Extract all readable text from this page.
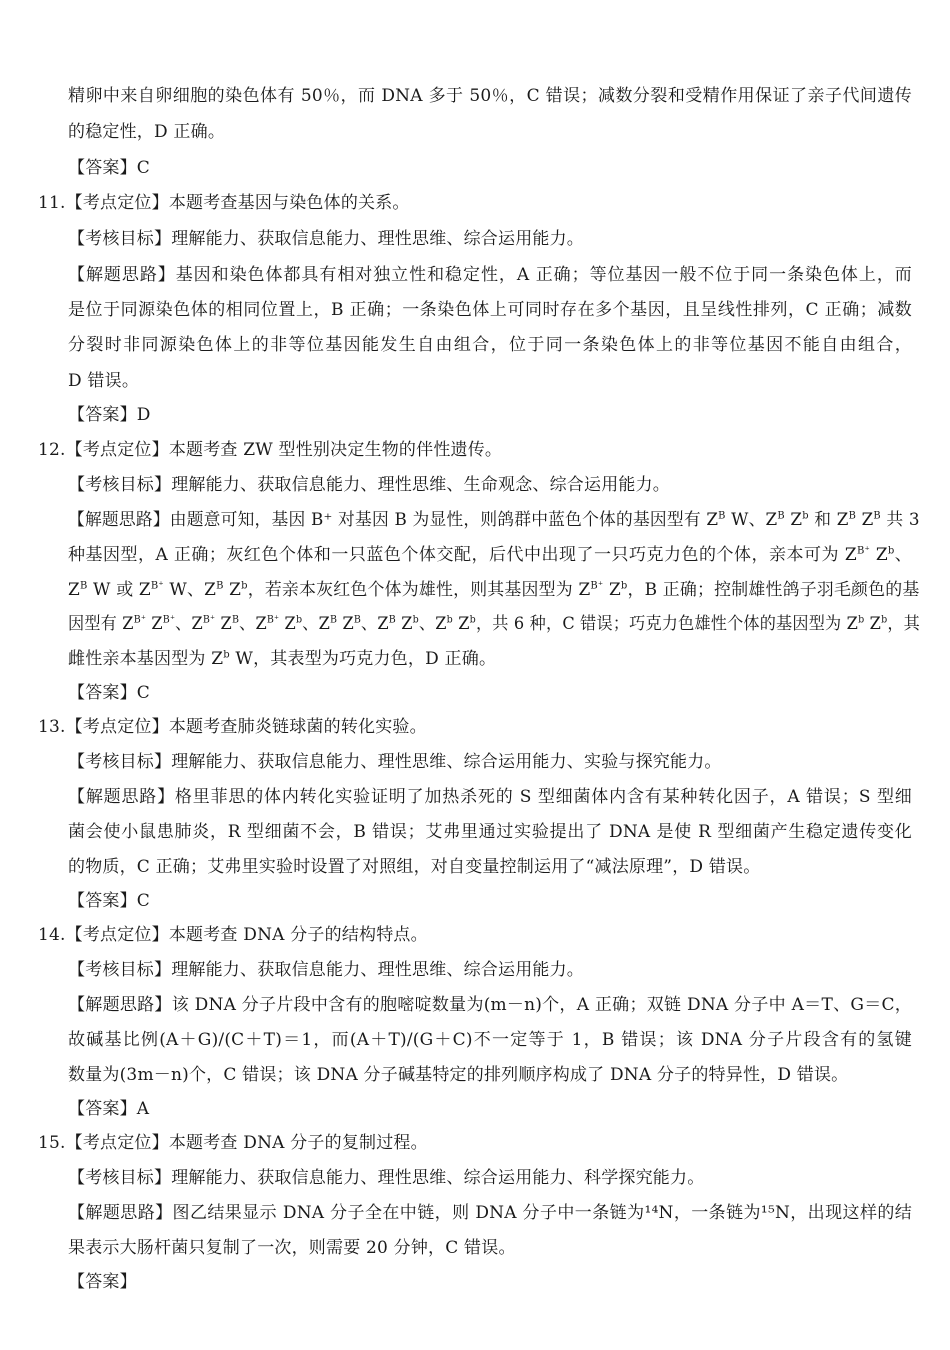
精卵中来自卵细胞的染色体有 50％，而 DNA 多于 50％，C 错误；减数分裂和受精作用保证了亲子代间遗传
的稳定性，D 正确。
【答案】C
11.【考点定位】本题考查基因与染色体的关系。
【考核目标】理解能力、获取信息能力、理性思维、综合运用能力。
【解题思路】基因和染色体都具有相对独立性和稳定性，A 正确；等位基因一般不位于同一条染色体上，而
是位于同源染色体的相同位置上，B 正确；一条染色体上可同时存在多个基因，且呈线性排列，C 正确；减数
分裂时非同源染色体上的非等位基因能发生自由组合，位于同一条染色体上的非等位基因不能自由组合，
D 错误。
【答案】D
12.【考点定位】本题考查 ZW 型性别决定生物的伴性遗传。
【考核目标】理解能力、获取信息能力、理性思维、生命观念、综合运用能力。
【解题思路】由题意可知，基因 B⁺ 对基因 B 为显性，则鸽群中蓝色个体的基因型有 $Z^B$ W、$Z^B$ $Z^b$ 和 $Z^B$ $Z^B$ 共 3
种基因型，A 正确；灰红色个体和一只蓝色个体交配，后代中出现了一只巧克力色的个体，亲本可为 $Z^{B^+}$ $Z^b$、
$Z^B$ W 或 $Z^{B^+}$ W、$Z^B$ $Z^b$，若亲本灰红色个体为雄性，则其基因型为 $Z^{B^+}$ $Z^b$，B 正确；控制雄性鸽子羽毛颜色的基
因型有 $Z^{B^+}$ $Z^{B^+}$、$Z^{B^+}$ $Z^B$、$Z^{B^+}$ $Z^b$、$Z^B$ $Z^B$、$Z^B$ $Z^b$、$Z^b$ $Z^b$，共 6 种，C 错误；巧克力色雄性个体的基因型为 $Z^b$ $Z^b$，其
雌性亲本基因型为 $Z^b$ W，其表型为巧克力色，D 正确。
【答案】C
13.【考点定位】本题考查肺炎链球菌的转化实验。
【考核目标】理解能力、获取信息能力、理性思维、综合运用能力、实验与探究能力。
【解题思路】格里菲思的体内转化实验证明了加热杀死的 S 型细菌体内含有某种转化因子，A 错误；S 型细
菌会使小鼠患肺炎，R 型细菌不会，B 错误；艾弗里通过实验提出了 DNA 是使 R 型细菌产生稳定遗传变化
的物质，C 正确；艾弗里实验时设置了对照组，对自变量控制运用了“减法原理”，D 错误。
【答案】C
14.【考点定位】本题考查 DNA 分子的结构特点。
【考核目标】理解能力、获取信息能力、理性思维、综合运用能力。
【解题思路】该 DNA 分子片段中含有的胞嘧啶数量为(m－n)个，A 正确；双链 DNA 分子中 A＝T、G＝C，
故碱基比例(A＋G)/(C＋T)＝1，而(A＋T)/(G＋C)不一定等于 1，B 错误；该 DNA 分子片段含有的氢键
数量为(3m－n)个，C 错误；该 DNA 分子碱基特定的排列顺序构成了 DNA 分子的特异性，D 错误。
【答案】A
15.【考点定位】本题考查 DNA 分子的复制过程。
【考核目标】理解能力、获取信息能力、理性思维、综合运用能力、科学探究能力。
【解题思路】图乙结果显示 DNA 分子全在中链，则 DNA 分子中一条链为¹⁴N，一条链为¹⁵N，出现这样的结
果表示大肠杆菌只复制了一次，则需要 20 分钟，C 错误。
【答案】
